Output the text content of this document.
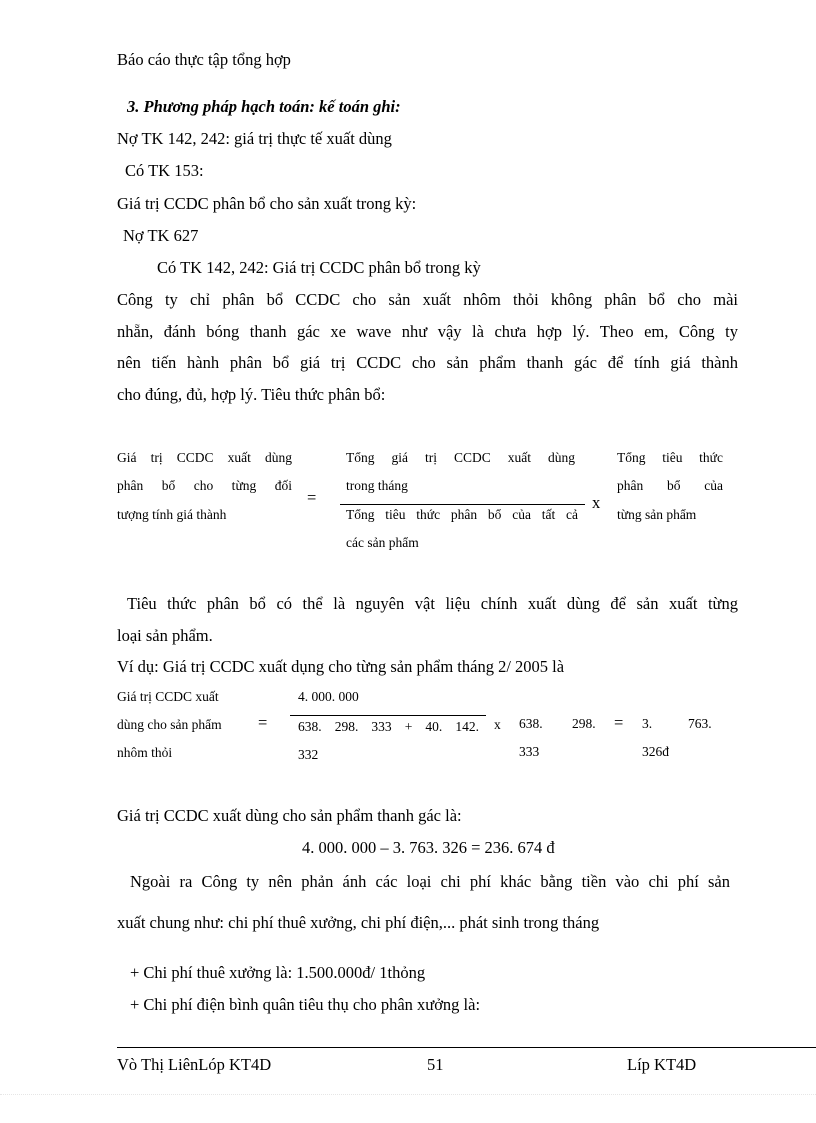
Báo cáo thực tập tổng hợp
3. Phương pháp hạch toán: kế toán ghi:
Nợ TK 142, 242: giá trị thực tế xuất dùng
Có TK 153:
Giá trị CCDC phân bổ cho sản xuất trong kỳ:
Nợ TK 627
Có TK 142, 242: Giá trị CCDC phân bổ trong kỳ
Công ty chỉ phân bổ CCDC cho sản xuất nhôm thỏi không phân bổ cho mài
nhẵn, đánh bóng thanh gác xe wave như vậy là chưa hợp lý. Theo em, Công ty
nên tiến hành phân bổ giá trị CCDC cho sản phẩm thanh gác để tính giá thành
cho đúng, đủ, hợp lý. Tiêu thức phân bổ:
Giá trị CCDC xuất dùng
phân bổ cho từng đối
tượng tính giá thành
=
Tổng giá trị CCDC xuất dùng
trong tháng
Tổng tiêu thức phân bổ của tất cả
các sản phẩm
x
Tổng tiêu thức
phân bổ của
từng sản phẩm
Tiêu thức phân bổ có thể là nguyên vật liệu chính xuất dùng để sản xuất từng
loại sản phẩm.
Ví dụ: Giá trị CCDC xuất dụng cho từng sản phẩm tháng 2/ 2005 là
Giá trị CCDC xuất
dùng cho sản phẩm
nhôm thỏi
=
4. 000. 000
638. 298. 333 + 40. 142.
332
x 638. 298.
333
= 3.	763.
326đ
Giá trị CCDC xuất dùng cho sản phẩm thanh gác là:
4. 000. 000 – 3. 763. 326 = 236. 674 đ
Ngoài ra Công ty nên phản ánh các loại chi phí khác bằng tiền vào chi phí sản
xuất chung như: chi phí thuê xưởng, chi phí điện,... phát sinh trong tháng
+ Chi phí thuê xưởng là: 1.500.000đ/ 1thỏng
+ Chi phí điện bình quân tiêu thụ cho phân xưởng là:
Vò Thị LiênLóp KT4D	51	Líp KT4D
